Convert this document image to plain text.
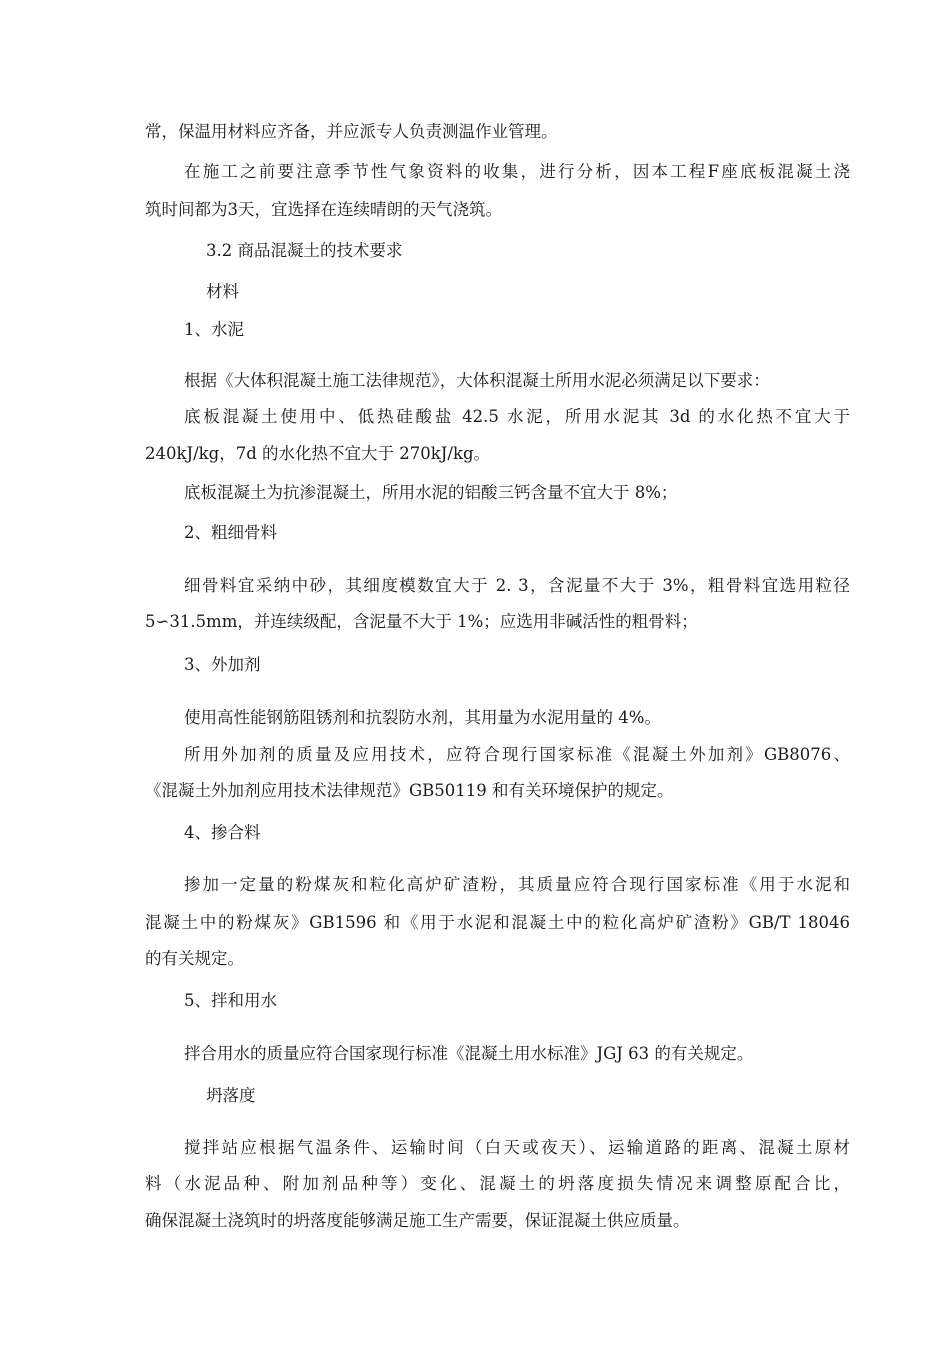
常，保温用材料应齐备，并应派专人负责测温作业管理。
在施工之前要注意季节性气象资料的收集，进行分析，因本工程F座底板混凝土浇
筑时间都为3天，宜选择在连续晴朗的天气浇筑。
3.2 商品混凝土的技术要求
材料
1、水泥
根据《大体积混凝土施工法律规范》，大体积混凝土所用水泥必须满足以下要求：
底板混凝土使用中、低热硅酸盐 42.5 水泥，所用水泥其 3d 的水化热不宜大于
240kJ/kg，7d 的水化热不宜大于 270kJ/kg。
底板混凝土为抗渗混凝土，所用水泥的铝酸三钙含量不宜大于 8%；
2、粗细骨料
细骨料宜采纳中砂，其细度模数宜大于 2. 3，含泥量不大于 3%，粗骨料宜选用粒径
5∽31.5mm，并连续级配，含泥量不大于 1%；应选用非碱活性的粗骨料；
3、外加剂
使用高性能钢筋阻锈剂和抗裂防水剂，其用量为水泥用量的 4%。
所用外加剂的质量及应用技术，应符合现行国家标准《混凝土外加剂》GB8076、
《混凝土外加剂应用技术法律规范》GB50119 和有关环境保护的规定。
4、掺合料
掺加一定量的粉煤灰和粒化高炉矿渣粉，其质量应符合现行国家标准《用于水泥和
混凝土中的粉煤灰》GB1596 和《用于水泥和混凝土中的粒化高炉矿渣粉》GB/T 18046
的有关规定。
5、拌和用水
拌合用水的质量应符合国家现行标准《混凝土用水标准》JGJ 63 的有关规定。
坍落度
搅拌站应根据气温条件、运输时间（白天或夜天）、运输道路的距离、混凝土原材
料（水泥品种、附加剂品种等）变化、混凝土的坍落度损失情况来调整原配合比，
确保混凝土浇筑时的坍落度能够满足施工生产需要，保证混凝土供应质量。
